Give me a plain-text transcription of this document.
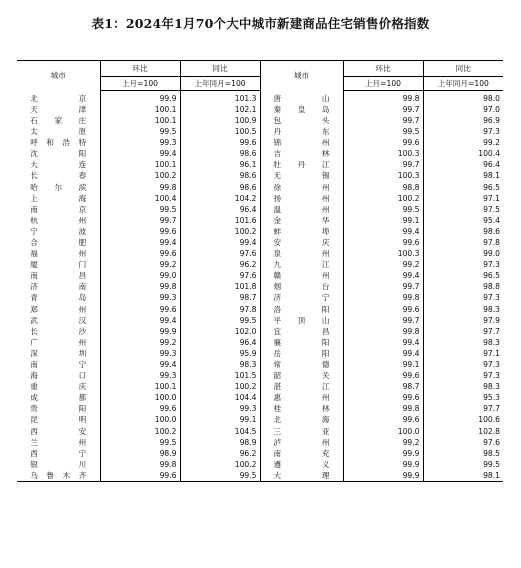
表1：2024年1月70个大中城市新建商品住宅销售价格指数
城市	环比	同比	城市	环比	同比
	上月=100	上年同月=100		上月=100	上年同月=100
北京	99.9	101.3	唐山	99.8	98.0
天津	100.1	102.1	秦皇岛	99.7	97.0
石家庄	100.1	100.9	包头	99.7	96.9
太原	99.5	100.5	丹东	99.5	97.3
呼和浩特	99.3	99.6	锦州	99.6	99.2
沈阳	99.4	98.6	吉林	100.3	100.4
大连	100.1	96.1	牡丹江	99.7	96.4
长春	100.2	98.6	无锡	100.3	98.1
哈尔滨	99.8	98.6	徐州	98.8	96.5
上海	100.4	104.2	扬州	100.2	97.1
南京	99.5	96.4	温州	99.5	97.5
杭州	99.7	101.6	金华	99.1	95.4
宁波	99.6	100.2	蚌埠	99.4	98.6
合肥	99.4	99.4	安庆	99.6	97.8
福州	99.6	97.6	泉州	100.3	99.0
厦门	99.2	96.2	九江	99.2	97.3
南昌	99.0	97.6	赣州	99.4	96.5
济南	99.8	101.8	烟台	99.7	98.8
青岛	99.3	98.7	济宁	99.8	97.3
郑州	99.6	97.8	洛阳	99.6	98.3
武汉	99.4	99.5	平顶山	99.7	97.9
长沙	99.9	102.0	宜昌	99.8	97.7
广州	99.2	96.4	襄阳	99.4	98.3
深圳	99.3	95.9	岳阳	99.4	97.1
南宁	99.4	98.3	常德	99.1	97.3
海口	99.3	101.5	韶关	99.6	97.3
重庆	100.1	100.2	湛江	98.7	98.3
成都	100.0	104.4	惠州	99.6	95.3
贵阳	99.6	99.3	桂林	99.8	97.7
昆明	100.0	99.1	北海	99.6	100.6
西安	100.2	104.5	三亚	100.0	102.8
兰州	99.5	98.9	泸州	99.2	97.6
西宁	98.9	96.2	南充	99.9	98.5
银川	99.8	100.2	遵义	99.9	99.5
乌鲁木齐	99.6	99.5	大理	99.9	98.1
